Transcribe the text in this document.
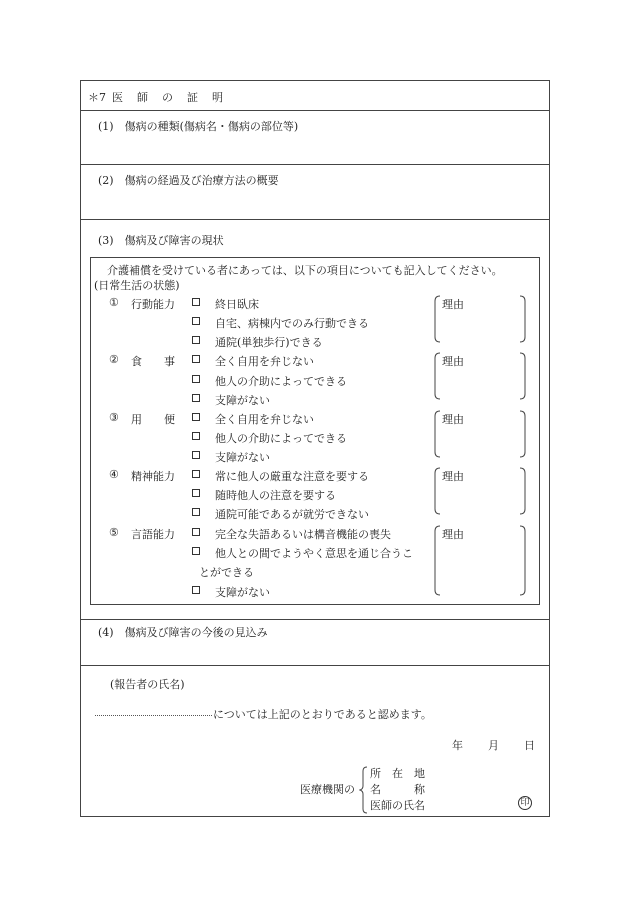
＊7 医 師 の 証 明
(1)　傷病の種類(傷病名・傷病の部位等)
(2)　傷病の経過及び治療方法の概要
(3)　傷病及び障害の現状
介護補償を受けている者にあっては、以下の項目についても記入してください。
(日常生活の状態)
① 行動能力	終日臥床
自宅、病棟内でのみ行動できる
通院(単独歩行)できる
理由
② 食　　事	全く自用を弁じない
他人の介助によってできる
支障がない
理由
③ 用　　便	全く自用を弁じない
他人の介助によってできる
支障がない
理由
④ 精神能力	常に他人の厳重な注意を要する
随時他人の注意を要する
通院可能であるが就労できない
理由
⑤ 言語能力	完全な失語あるいは構音機能の喪失
他人との間でようやく意思を通じ合うこ
とができる
支障がない
理由
(4)　傷病及び障害の今後の見込み
(報告者の氏名)
については上記のとおりであると認めます。
年 月 日
医療機関の
所　在　地
名　　　称
医師の氏名	印
